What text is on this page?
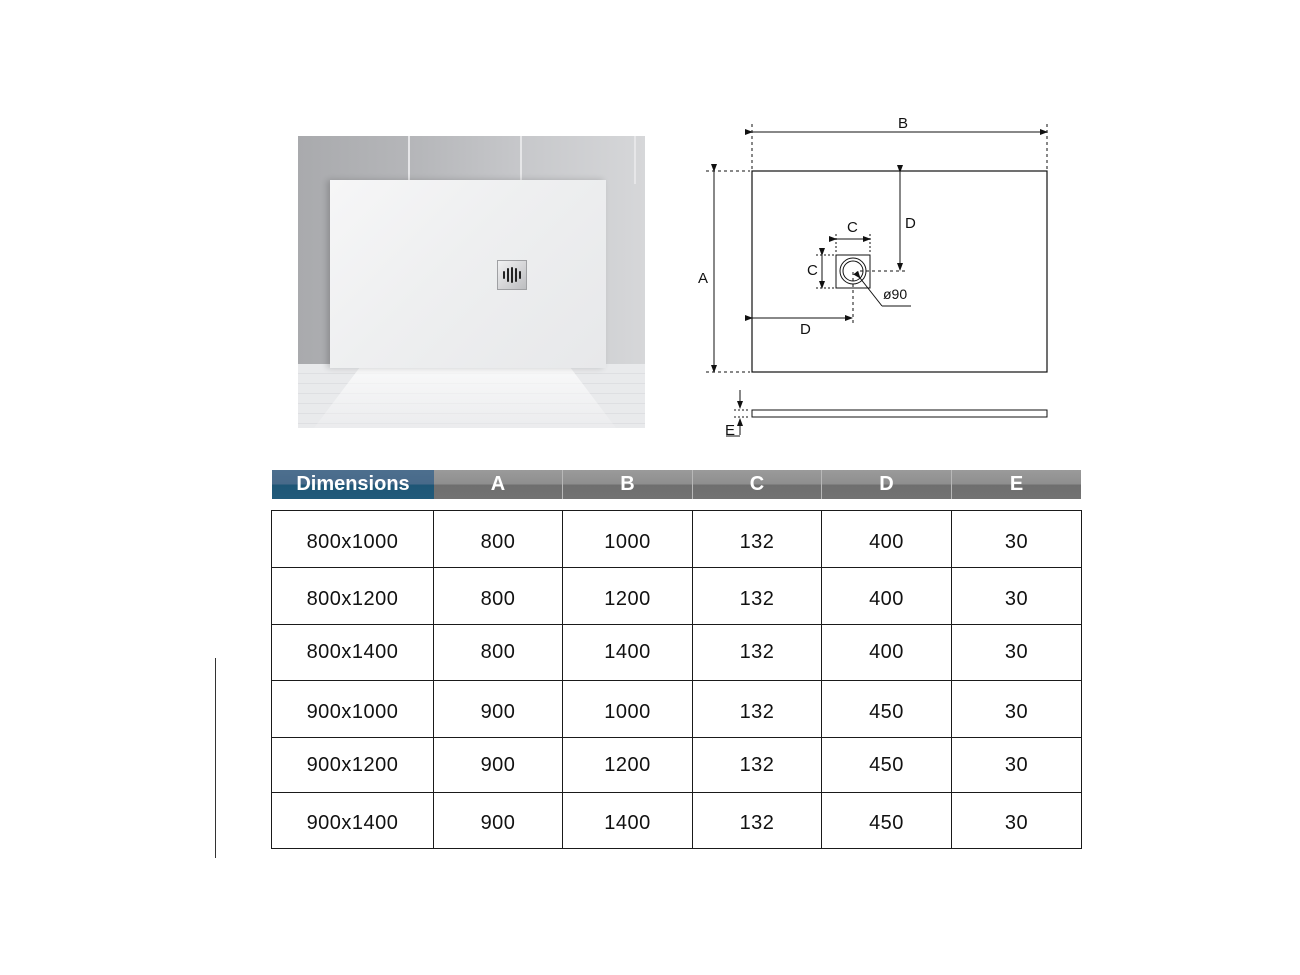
B
A
C
C
D
D
ø90
E
Dimensions	A	B	C	D	E
800x1000	800	1000	132	400	30
800x1200	800	1200	132	400	30
800x1400	800	1400	132	400	30
900x1000	900	1000	132	450	30
900x1200	900	1200	132	450	30
900x1400	900	1400	132	450	30
